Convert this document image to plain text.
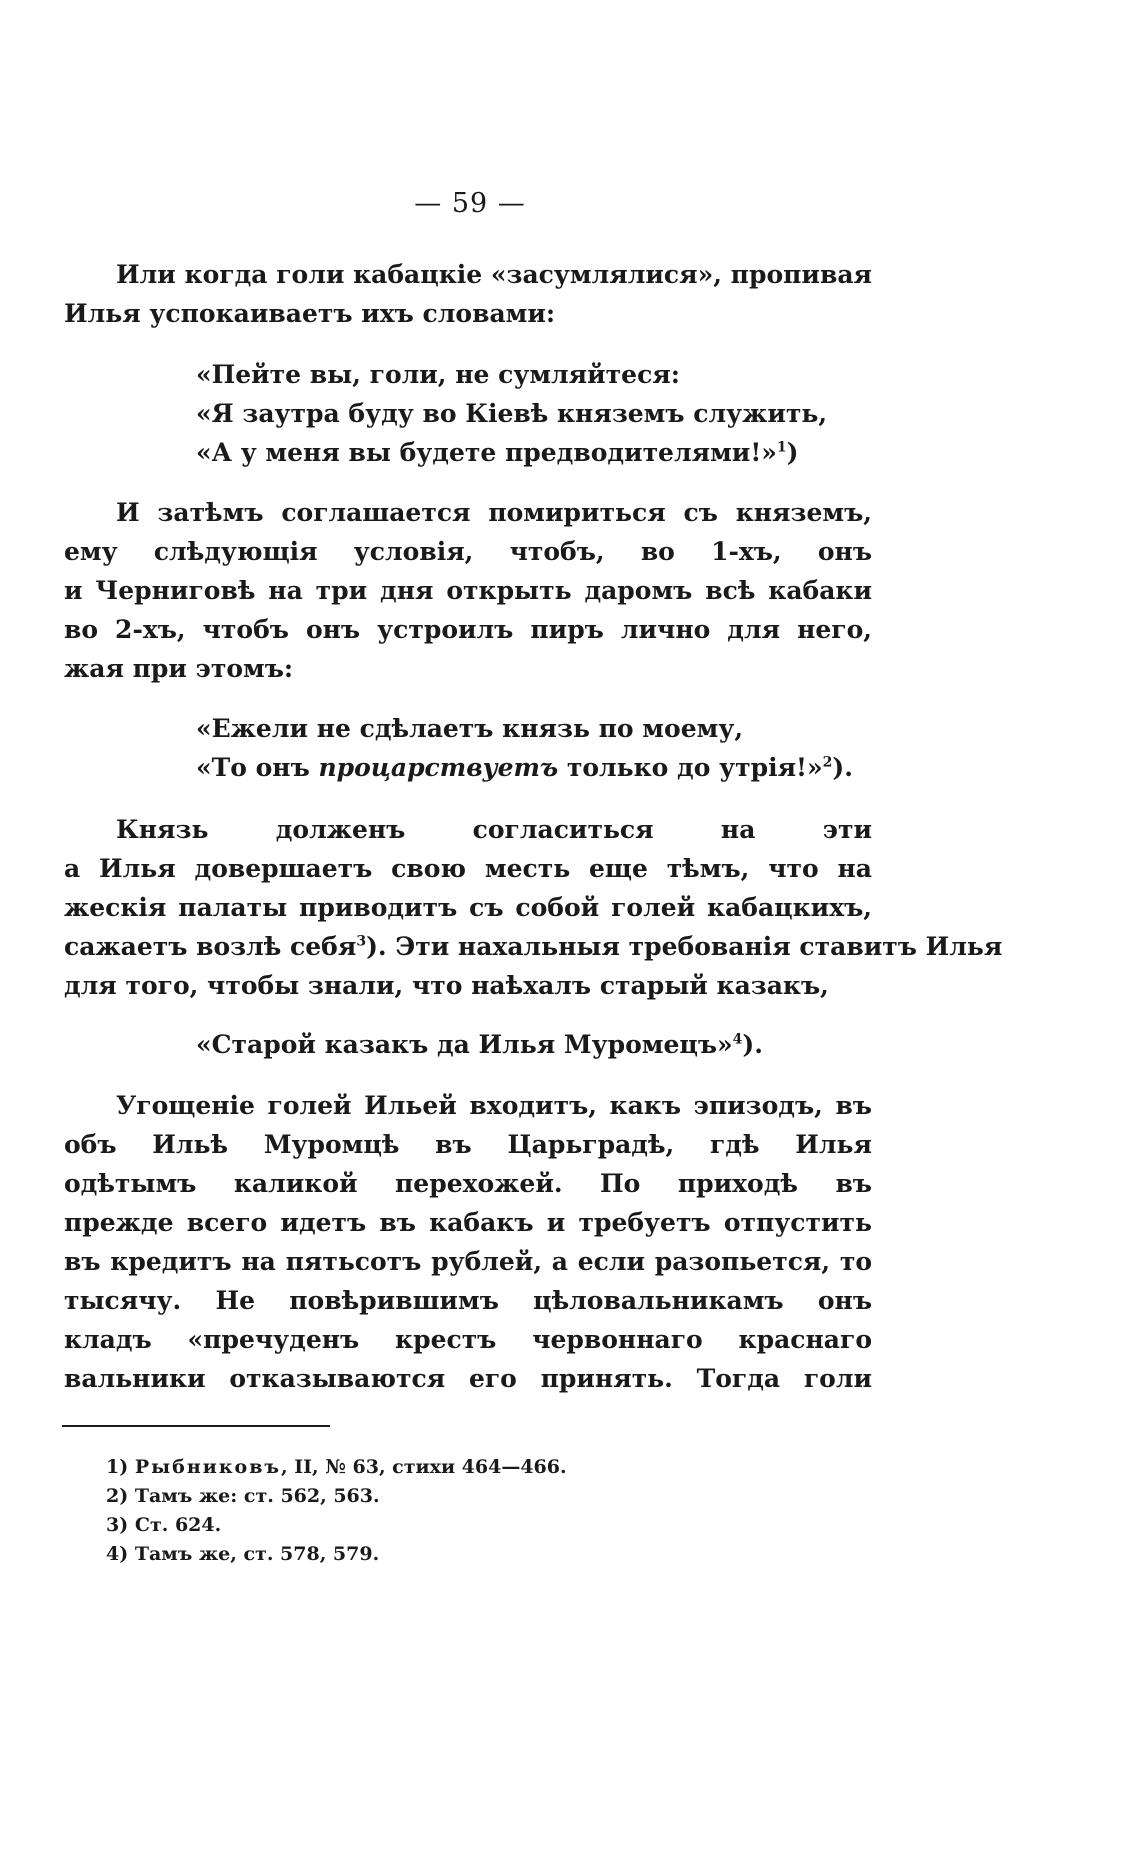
— 59 —
Или когда голи кабацкіе «засумлялися», пропивая
Илья успокаиваетъ ихъ словами:
«Пейте вы, голи, не сумляйтеся:
«Я заутра буду во Кіевѣ княземъ служить,
«А у меня вы будете предводителями!»$^1$)
И затѣмъ соглашается помириться съ княземъ,
ему слѣдующія условія, чтобъ, во 1-хъ, онъ
и Черниговѣ на три дня открыть даромъ всѣ кабаки
во 2-хъ, чтобъ онъ устроилъ пиръ лично для него,
жая при этомъ:
«Ежели не сдѣлаетъ князь по моему,
«То онъ процарствуетъ только до утрія!»$^2$).
Князь долженъ согласиться на эти
а Илья довершаетъ свою месть еще тѣмъ, что на
жескія палаты приводитъ съ собой голей кабацкихъ,
сажаетъ возлѣ себя$^3$ ). Эти нахальныя требованія ставитъ Илья
для того, чтобы знали, что наѣхалъ старый казакъ,
«Старой казакъ да Илья Муромецъ»$^4$).
Угощеніе голей Ильей входитъ, какъ эпизодъ, въ
объ Ильѣ Муромцѣ въ Царьградѣ, гдѣ Илья
одѣтымъ каликой перехожей. По приходѣ въ
прежде всего идетъ въ кабакъ и требуетъ отпустить
въ кредитъ на пятьсотъ рублей, а если разопьется, то
тысячу. Не повѣрившимъ цѣловальникамъ онъ
кладъ «пречуденъ крестъ червоннаго краснаго
вальники отказываются его принять. Тогда голи
1) Рыбниковъ, II, № 63, стихи 464—466.
2) Тамъ же: ст. 562, 563.
3) Ст. 624.
4) Тамъ же, ст. 578, 579.
